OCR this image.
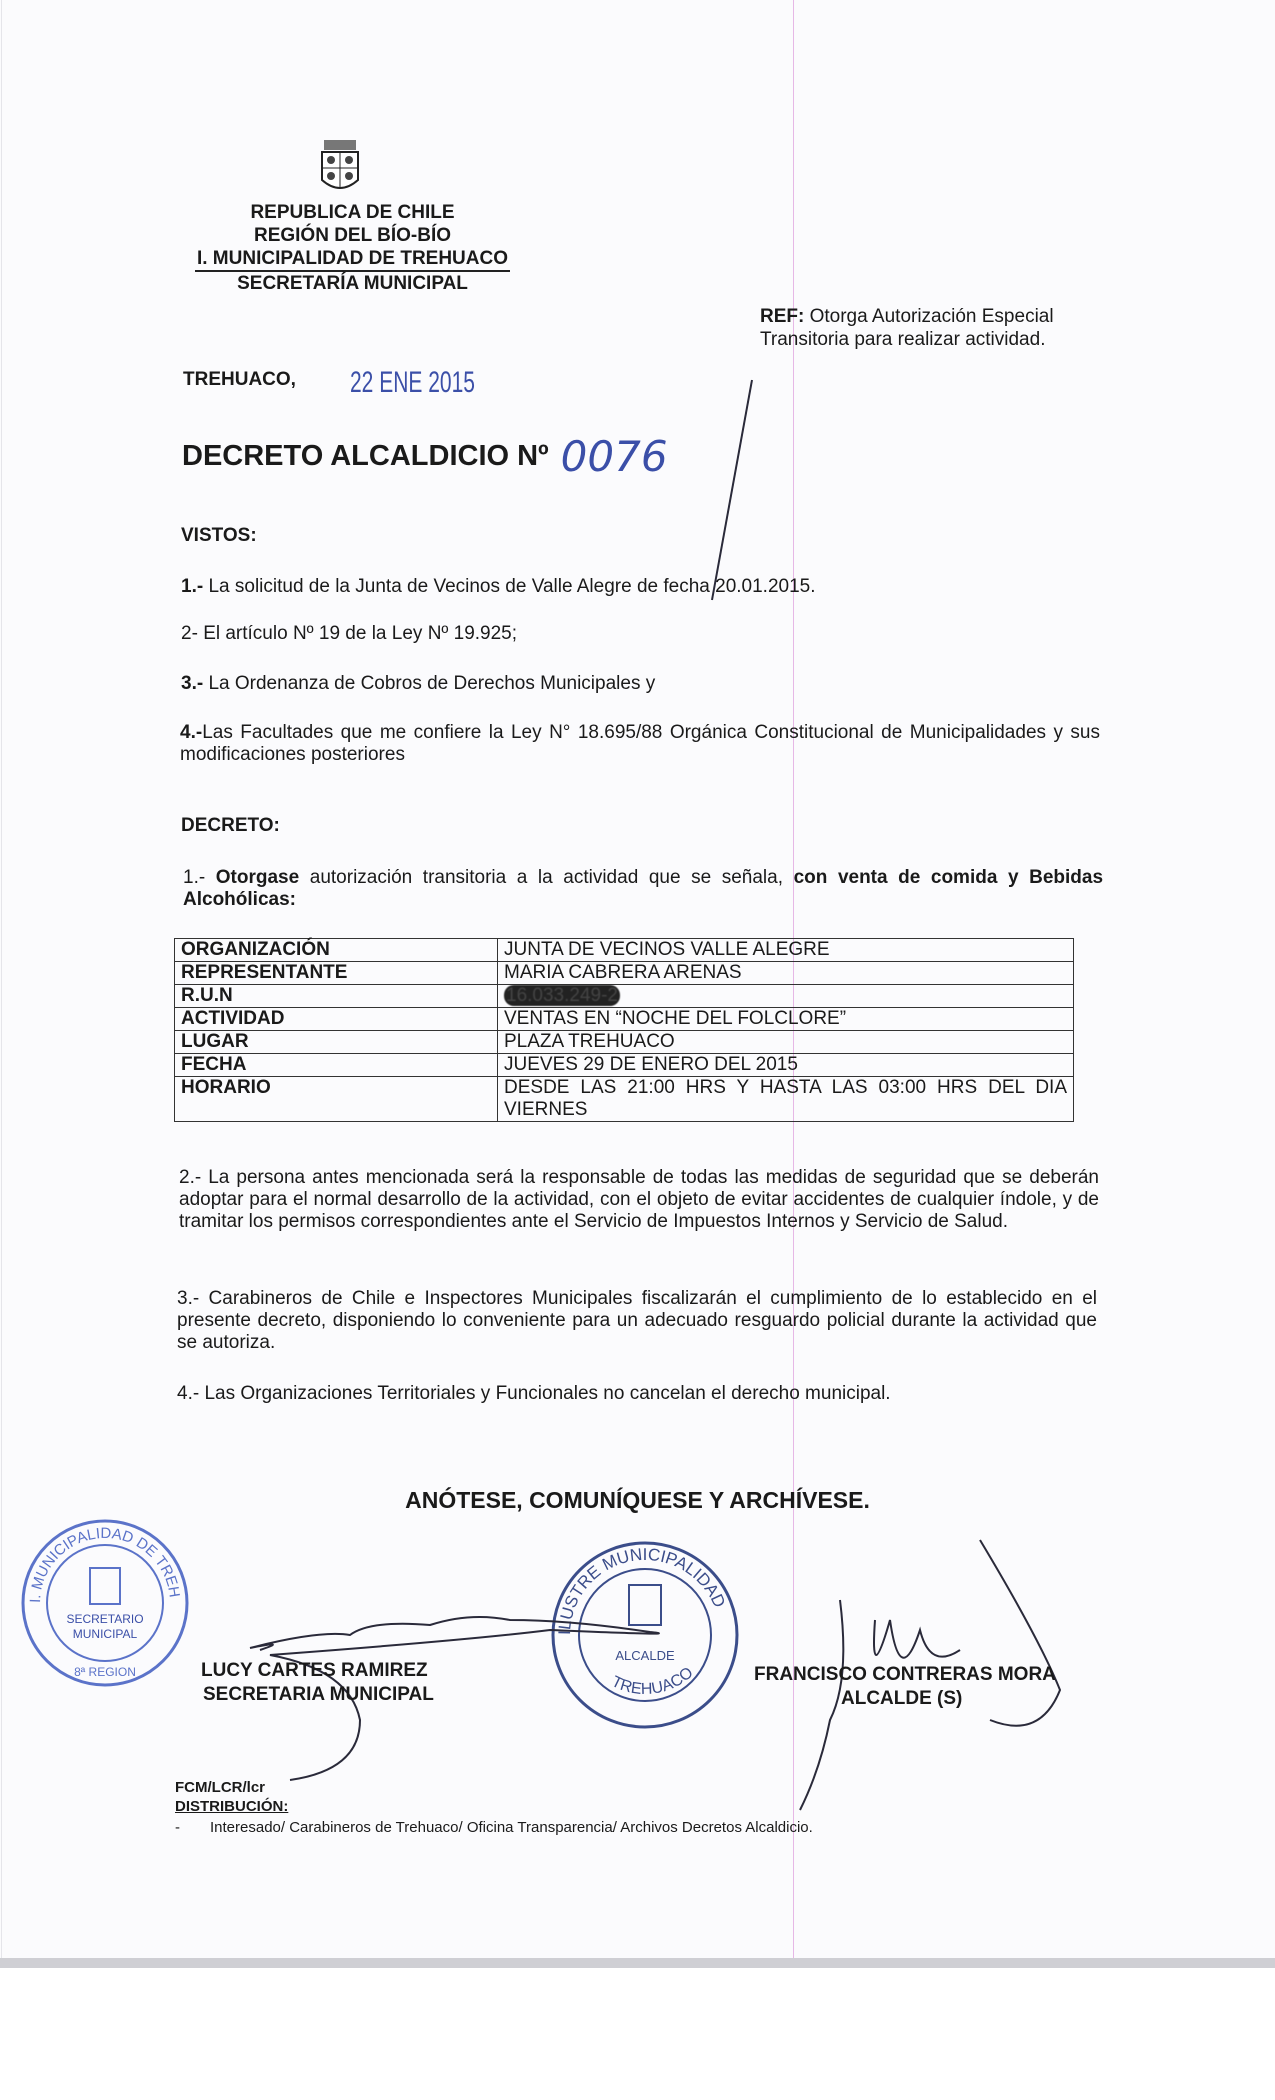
REPUBLICA DE CHILE
REGIÓN DEL BÍO-BÍO
I. MUNICIPALIDAD DE TREHUACO
SECRETARÍA MUNICIPAL
REF: Otorga Autorización Especial
Transitoria para realizar actividad.
TREHUACO, 22 ENE 2015
DECRETO ALCALDICIO Nº 0076
VISTOS:
1.- La solicitud de la Junta de Vecinos de Valle Alegre de fecha 20.01.2015.
2- El artículo Nº 19 de la Ley Nº 19.925;
3.- La Ordenanza de Cobros de Derechos Municipales y
4.-Las Facultades que me confiere la Ley N° 18.695/88 Orgánica Constitucional de Municipalidades y sus modificaciones posteriores
DECRETO:
1.- Otorgase autorización transitoria a la actividad que se señala, con venta de comida y Bebidas Alcohólicas:
ORGANIZACIÓN	JUNTA DE VECINOS VALLE ALEGRE
REPRESENTANTE	MARIA CABRERA ARENAS
R.U.N	16.033.249-2
ACTIVIDAD	VENTAS EN “NOCHE DEL FOLCLORE”
LUGAR	PLAZA TREHUACO
FECHA	JUEVES 29 DE ENERO DEL 2015
HORARIO	DESDE LAS 21:00 HRS Y HASTA LAS 03:00 HRS DEL DIA VIERNES
2.- La persona antes mencionada será la responsable de todas las medidas de seguridad que se deberán adoptar para el normal desarrollo de la actividad, con el objeto de evitar accidentes de cualquier índole, y de tramitar los permisos correspondientes ante el Servicio de Impuestos Internos y Servicio de Salud.
3.- Carabineros de Chile e Inspectores Municipales fiscalizarán el cumplimiento de lo establecido en el presente decreto, disponiendo lo conveniente para un adecuado resguardo policial durante la actividad que se autoriza.
4.- Las Organizaciones Territoriales y Funcionales no cancelan el derecho municipal.
ANÓTESE, COMUNÍQUESE Y ARCHÍVESE.
I. MUNICIPALIDAD DE TREHUACO
SECRETARIO
MUNICIPAL
8ª REGION
ILUSTRE MUNICIPALIDAD
ALCALDE
TREHUACO
LUCY CARTES RAMIREZ
SECRETARIA MUNICIPAL
FRANCISCO CONTRERAS MORA
ALCALDE (S)
FCM/LCR/lcr
DISTRIBUCIÓN:
- Interesado/ Carabineros de Trehuaco/ Oficina Transparencia/ Archivos Decretos Alcaldicio.
